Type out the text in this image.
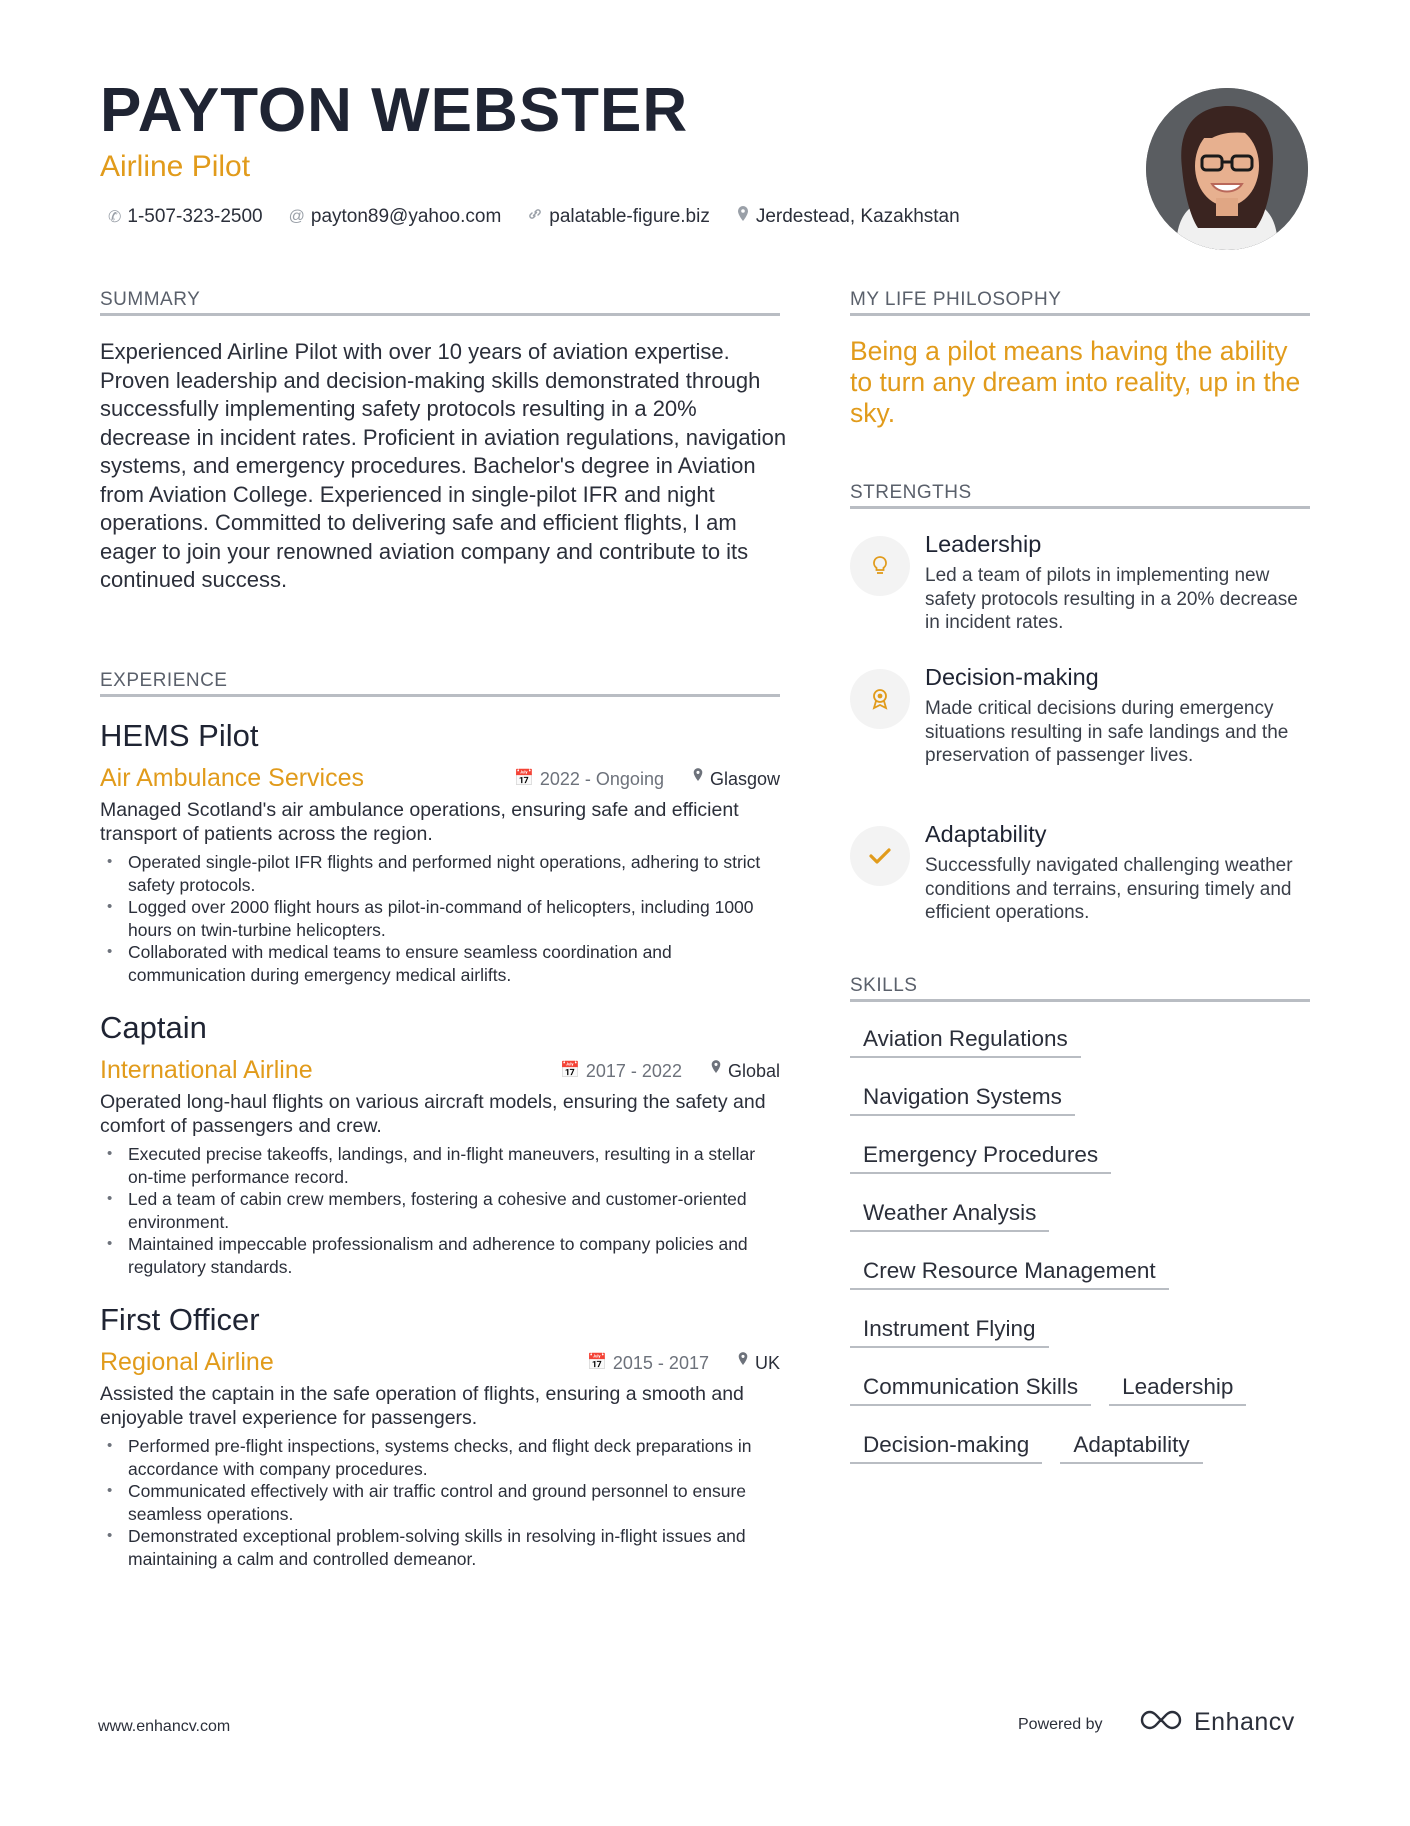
PAYTON WEBSTER
Airline Pilot
✆ 1-507-323-2500 @ payton89@yahoo.com	palatable-figure.biz Jerdestead, Kazakhstan
SUMMARY
Experienced Airline Pilot with over 10 years of aviation expertise. Proven leadership and decision-making skills demonstrated through successfully implementing safety protocols resulting in a 20% decrease in incident rates. Proficient in aviation regulations, navigation systems, and emergency procedures. Bachelor's degree in Aviation from Aviation College. Experienced in single-pilot IFR and night operations. Committed to delivering safe and efficient flights, I am eager to join your renowned aviation company and contribute to its continued success.
EXPERIENCE
HEMS Pilot
Air Ambulance Services	📅 2022 - Ongoing	Glasgow
Managed Scotland's air ambulance operations, ensuring safe and efficient transport of patients across the region.
• Operated single-pilot IFR flights and performed night operations, adhering to strict safety protocols.
• Logged over 2000 flight hours as pilot-in-command of helicopters, including 1000 hours on twin-turbine helicopters.
• Collaborated with medical teams to ensure seamless coordination and communication during emergency medical airlifts.
Captain
International Airline	📅 2017 - 2022	Global
Operated long-haul flights on various aircraft models, ensuring the safety and comfort of passengers and crew.
• Executed precise takeoffs, landings, and in-flight maneuvers, resulting in a stellar on-time performance record.
• Led a team of cabin crew members, fostering a cohesive and customer-oriented environment.
• Maintained impeccable professionalism and adherence to company policies and regulatory standards.
First Officer
Regional Airline	📅 2015 - 2017	UK
Assisted the captain in the safe operation of flights, ensuring a smooth and enjoyable travel experience for passengers.
• Performed pre-flight inspections, systems checks, and flight deck preparations in accordance with company procedures.
• Communicated effectively with air traffic control and ground personnel to ensure seamless operations.
• Demonstrated exceptional problem-solving skills in resolving in-flight issues and maintaining a calm and controlled demeanor.
MY LIFE PHILOSOPHY
Being a pilot means having the ability to turn any dream into reality, up in the sky.
STRENGTHS
Leadership
Led a team of pilots in implementing new safety protocols resulting in a 20% decrease in incident rates.
Decision-making
Made critical decisions during emergency situations resulting in safe landings and the preservation of passenger lives.
Adaptability
Successfully navigated challenging weather conditions and terrains, ensuring timely and efficient operations.
SKILLS
Aviation Regulations
Navigation Systems
Emergency Procedures
Weather Analysis
Crew Resource Management
Instrument Flying
Communication Skills	Leadership
Decision-making	Adaptability
www.enhancv.com	Powered by	Enhancv
